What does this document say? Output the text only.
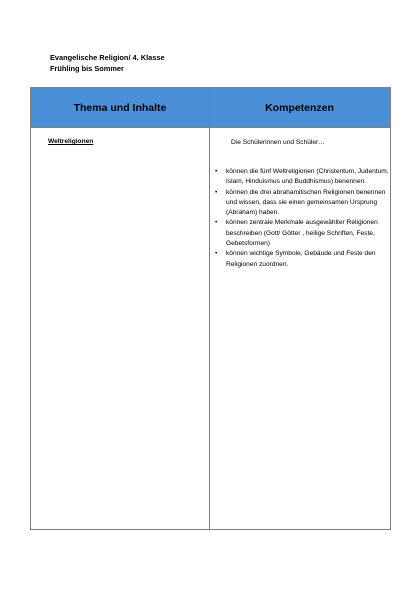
Evangelische Religion/ 4. Klasse
Frühling bis Sommer
Thema und Inhalte	Kompetenzen
Weltreligionen	Die Schülerinnen und Schüler…
• können die fünf Weltreligionen (Christentum, Judentum, Islam, Hinduismus und Buddhismus) benennen.
• können die drei abrahamitischen Religionen benennen und wissen, dass sie einen gemeinsamen Ursprung (Abraham) haben.
• können zentrale Merkmale ausgewählter Religionen beschreiben (Gott/ Götter , heilige Schriften, Feste, Gebetsformen)
• können wichtige Symbole, Gebäude und Feste den Religionen zuordnen.
